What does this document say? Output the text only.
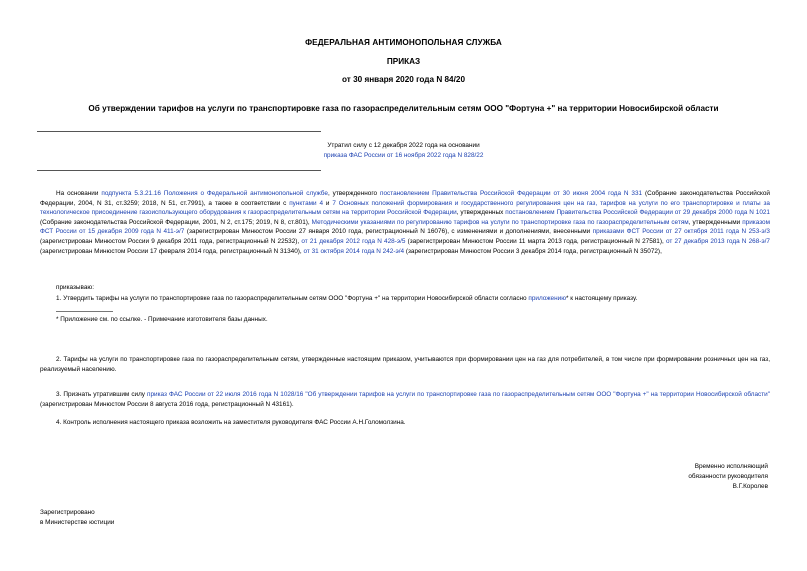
ФЕДЕРАЛЬНАЯ АНТИМОНОПОЛЬНАЯ СЛУЖБА
ПРИКАЗ
от 30 января 2020 года N 84/20
Об утверждении тарифов на услуги по транспортировке газа по газораспределительным сетям ООО "Фортуна +" на территории Новосибирской области
Утратил силу с 12 декабря 2022 года на основании
приказа ФАС России от 16 ноября 2022 года N 828/22
На основании подпункта 5.3.21.16 Положения о Федеральной антимонопольной службе, утвержденного постановлением Правительства Российской Федерации от 30 июня 2004 года N 331 (Собрание законодательства Российской Федерации, 2004, N 31, ст.3259; 2018, N 51, ст.7991), а также в соответствии с пунктами 4 и 7 Основных положений формирования и государственного регулирования цен на газ, тарифов на услуги по его транспортировке и платы за технологическое присоединение газоиспользующего оборудования к газораспределительным сетям на территории Российской Федерации, утвержденных постановлением Правительства Российской Федерации от 29 декабря 2000 года N 1021 (Собрание законодательства Российской Федерации, 2001, N 2, ст.175; 2019, N 8, ст.801), Методическими указаниями по регулированию тарифов на услуги по транспортировке газа по газораспределительным сетям, утвержденными приказом ФСТ России от 15 декабря 2009 года N 411-э/7 (зарегистрирован Минюстом России 27 января 2010 года, регистрационный N 16076), с изменениями и дополнениями, внесенными приказами ФСТ России от 27 октября 2011 года N 253-э/3 (зарегистрирован Минюстом России 9 декабря 2011 года, регистрационный N 22532), от 21 декабря 2012 года N 428-э/5 (зарегистрирован Минюстом России 11 марта 2013 года, регистрационный N 27581), от 27 декабря 2013 года N 268-э/7 (зарегистрирован Минюстом России 17 февраля 2014 года, регистрационный N 31340), от 31 октября 2014 года N 242-э/4 (зарегистрирован Минюстом России 3 декабря 2014 года, регистрационный N 35072),
приказываю:
1. Утвердить тарифы на услуги по транспортировке газа по газораспределительным сетям ООО "Фортуна +" на территории Новосибирской области согласно приложению* к настоящему приказу.
* Приложение см. по ссылке. - Примечание изготовителя базы данных.
2. Тарифы на услуги по транспортировке газа по газораспределительным сетям, утвержденные настоящим приказом, учитываются при формировании цен на газ для потребителей, в том числе при формировании розничных цен на газ, реализуемый населению.
3. Признать утратившим силу приказ ФАС России от 22 июля 2016 года N 1028/16 "Об утверждении тарифов на услуги по транспортировке газа по газораспределительным сетям ООО "Фортуна +" на территории Новосибирской области" (зарегистрирован Минюстом России 8 августа 2016 года, регистрационный N 43161).
4. Контроль исполнения настоящего приказа возложить на заместителя руководителя ФАС России А.Н.Голомолзина.
Временно исполняющий
обязанности руководителя
В.Г.Королев
Зарегистрировано
в Министерстве юстиции
